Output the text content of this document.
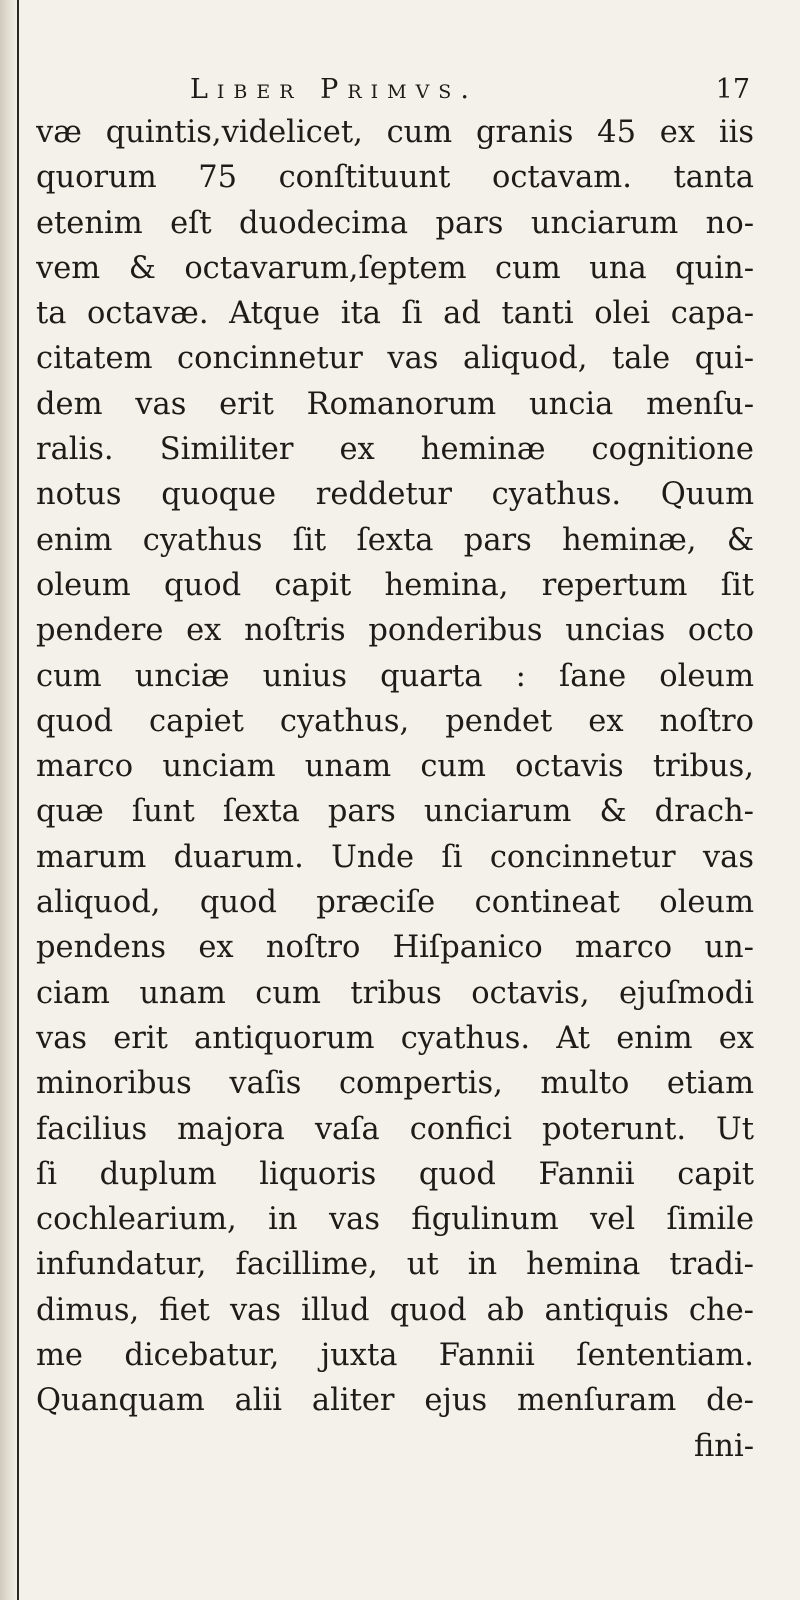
Liber Primvs.	17
væ quintis,videlicet, cum granis 45 ex iis
quorum 75 conſtituunt octavam. tanta
etenim eſt duodecima pars unciarum no-
vem & octavarum,ſeptem cum una quin-
ta octavæ. Atque ita ſi ad tanti olei capa-
citatem concinnetur vas aliquod, tale qui-
dem vas erit Romanorum uncia menſu-
ralis. Similiter ex heminæ cognitione
notus quoque reddetur cyathus. Quum
enim cyathus ſit ſexta pars heminæ, &
oleum quod capit hemina, repertum ſit
pendere ex noſtris ponderibus uncias octo
cum unciæ unius quarta : ſane oleum
quod capiet cyathus, pendet ex noſtro
marco unciam unam cum octavis tribus,
quæ ſunt ſexta pars unciarum & drach-
marum duarum. Unde ſi concinnetur vas
aliquod, quod præciſe contineat oleum
pendens ex noſtro Hiſpanico marco un-
ciam unam cum tribus octavis, ejuſmodi
vas erit antiquorum cyathus. At enim ex
minoribus vaſis compertis, multo etiam
facilius majora vaſa confici poterunt. Ut
ſi duplum liquoris quod Fannii capit
cochlearium, in vas figulinum vel ſimile
infundatur, facillime, ut in hemina tradi-
dimus, fiet vas illud quod ab antiquis che-
me dicebatur, juxta Fannii ſententiam.
Quanquam alii aliter ejus menſuram de-
fini-
